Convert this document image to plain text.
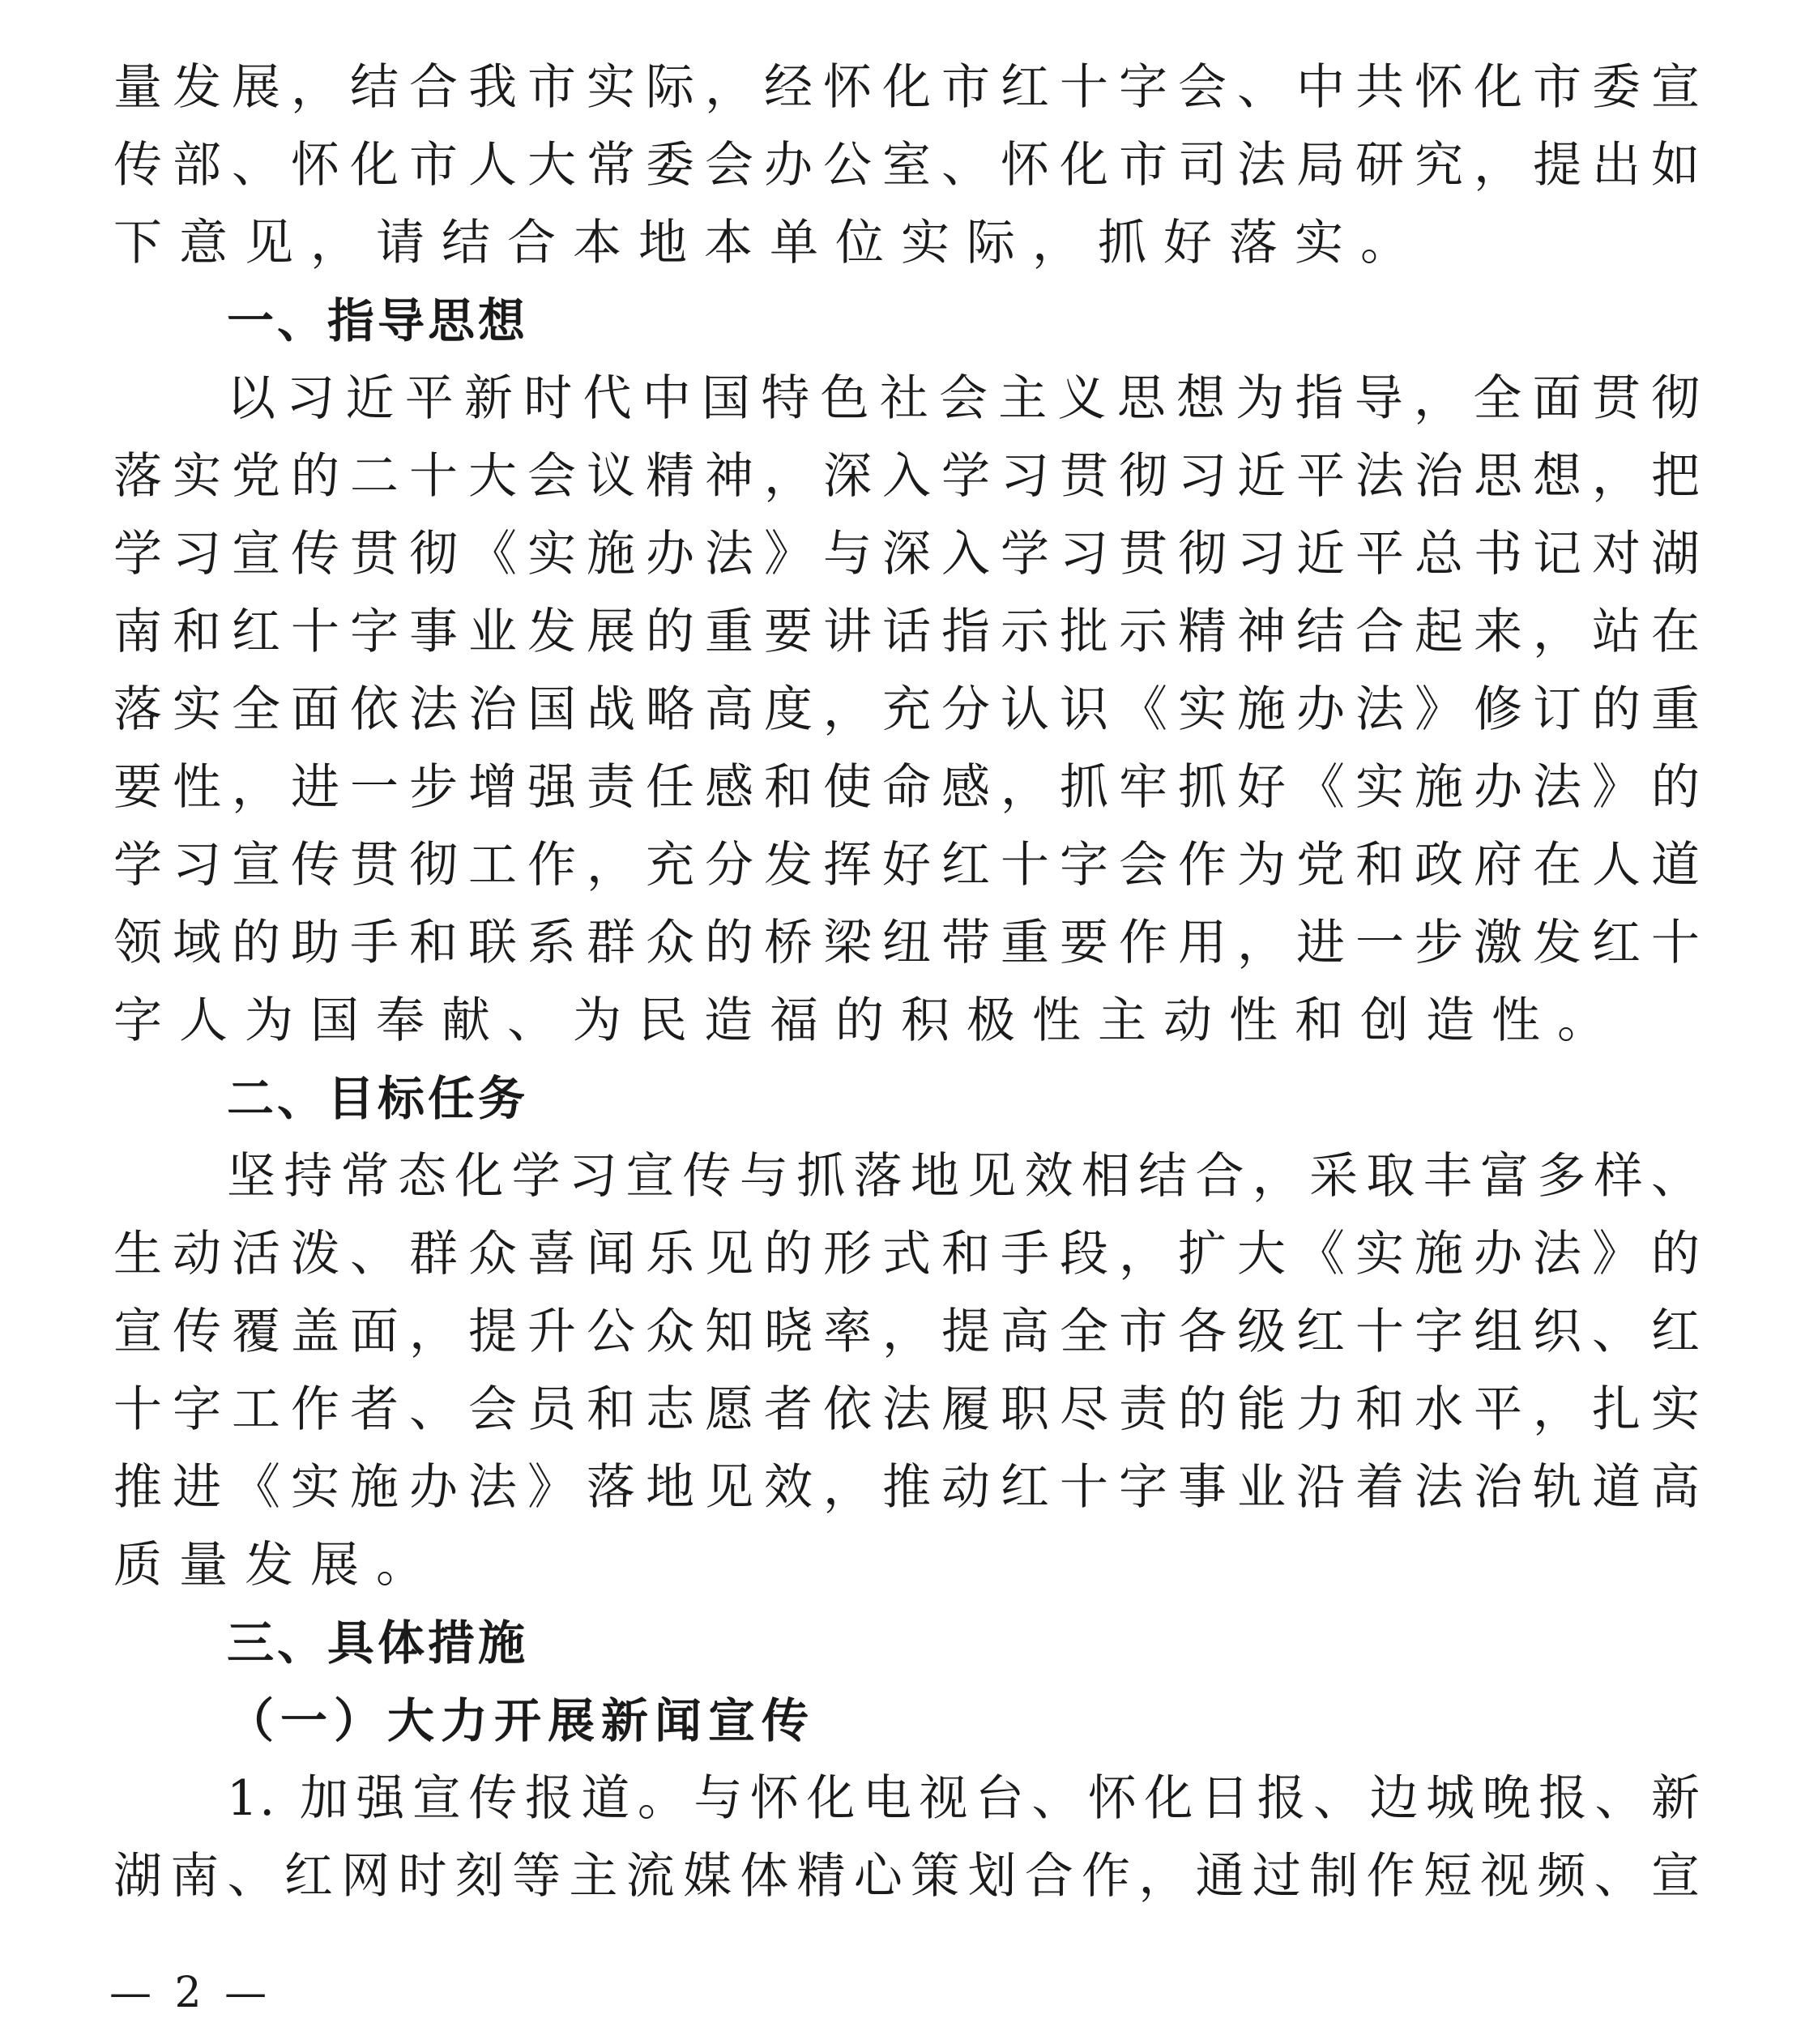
量发展，结合我市实际，经怀化市红十字会、中共怀化市委宣
传部、怀化市人大常委会办公室、怀化市司法局研究，提出如
下意见，请结合本地本单位实际，抓好落实。
一、指导思想
以习近平新时代中国特色社会主义思想为指导，全面贯彻
落实党的二十大会议精神，深入学习贯彻习近平法治思想，把
学习宣传贯彻《实施办法》与深入学习贯彻习近平总书记对湖
南和红十字事业发展的重要讲话指示批示精神结合起来，站在
落实全面依法治国战略高度，充分认识《实施办法》修订的重
要性，进一步增强责任感和使命感，抓牢抓好《实施办法》的
学习宣传贯彻工作，充分发挥好红十字会作为党和政府在人道
领域的助手和联系群众的桥梁纽带重要作用，进一步激发红十
字人为国奉献、为民造福的积极性主动性和创造性。
二、目标任务
坚持常态化学习宣传与抓落地见效相结合，采取丰富多样、
生动活泼、群众喜闻乐见的形式和手段，扩大《实施办法》的
宣传覆盖面，提升公众知晓率，提高全市各级红十字组织、红
十字工作者、会员和志愿者依法履职尽责的能力和水平，扎实
推进《实施办法》落地见效，推动红十字事业沿着法治轨道高
质量发展。
三、具体措施
（一）大力开展新闻宣传
1. 加强宣传报道。与怀化电视台、怀化日报、边城晚报、新
湖南、红网时刻等主流媒体精心策划合作，通过制作短视频、宣
— 2 —
